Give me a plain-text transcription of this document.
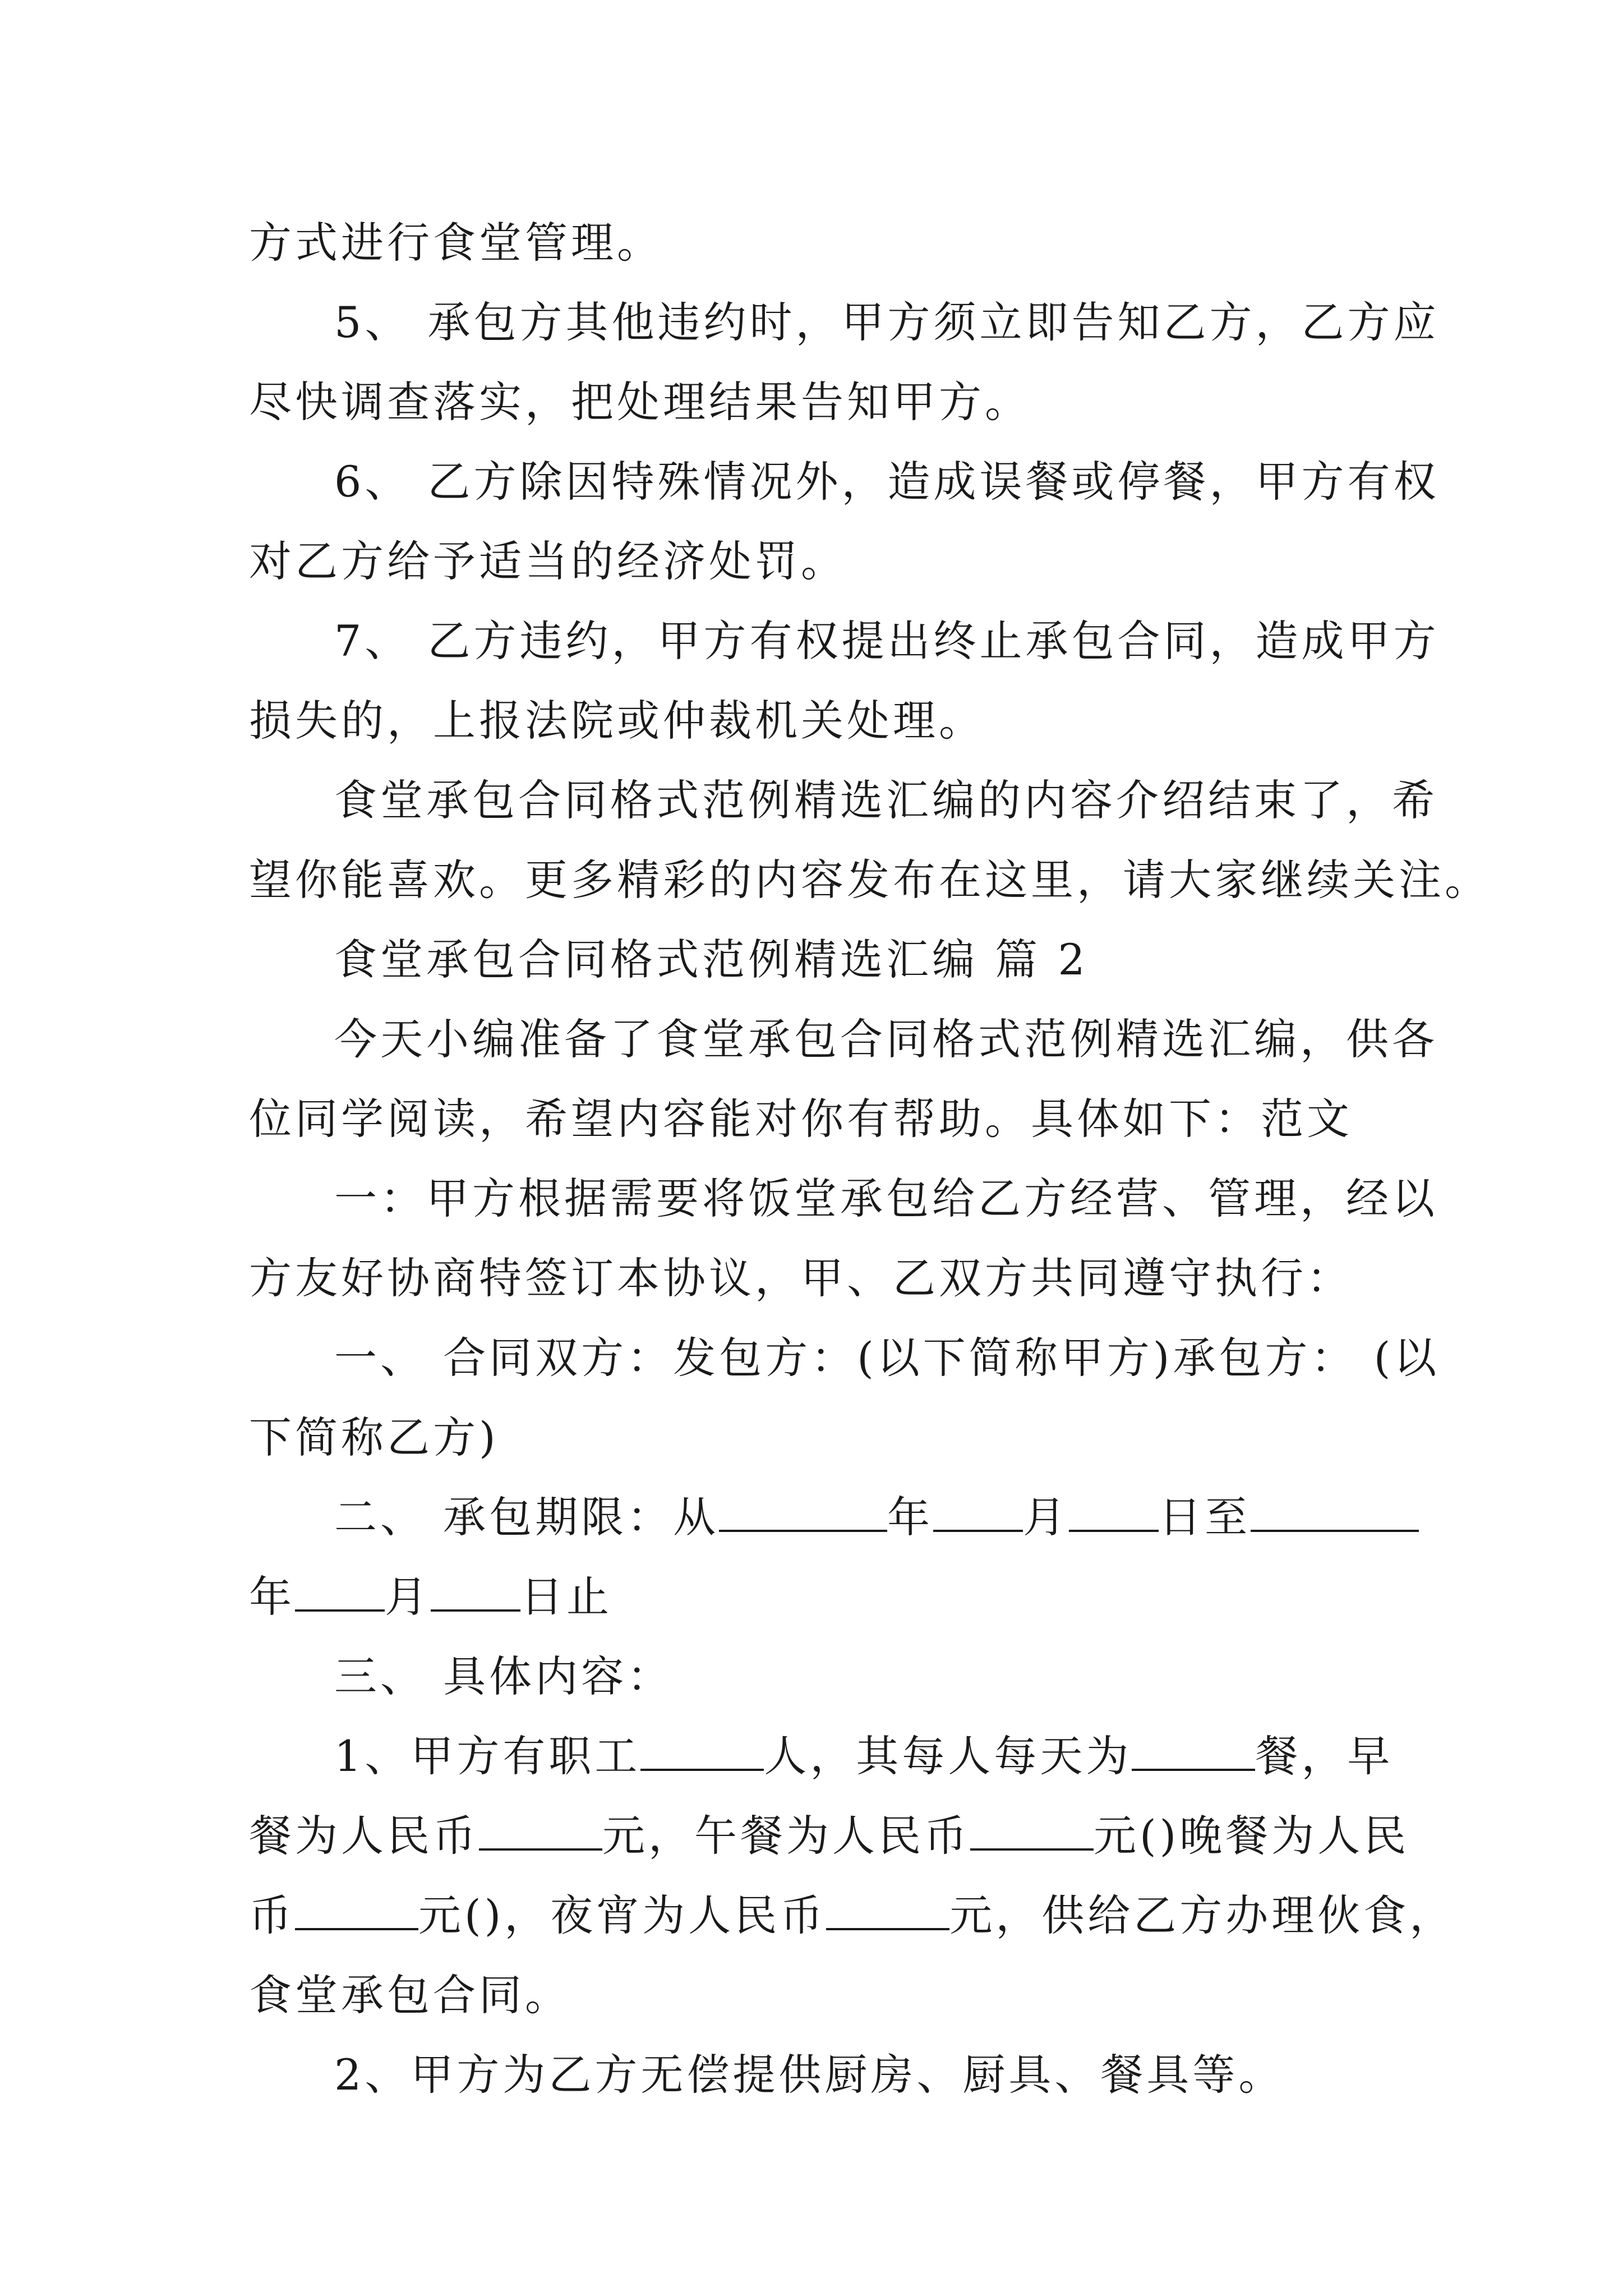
方式进行食堂管理。

5、 承包方其他违约时，甲方须立即告知乙方，乙方应

尽快调查落实，把处理结果告知甲方。

6、 乙方除因特殊情况外，造成误餐或停餐，甲方有权

对乙方给予适当的经济处罚。

7、 乙方违约，甲方有权提出终止承包合同，造成甲方

损失的，上报法院或仲裁机关处理。

食堂承包合同格式范例精选汇编的内容介绍结束了，希

望你能喜欢。更多精彩的内容发布在这里，请大家继续关注。

食堂承包合同格式范例精选汇编 篇 2

今天小编准备了食堂承包合同格式范例精选汇编，供各

位同学阅读，希望内容能对你有帮助。具体如下：范文

一：甲方根据需要将饭堂承包给乙方经营、管理，经以

方友好协商特签订本协议，甲、乙双方共同遵守执行：

一、 合同双方：发包方：(以下简称甲方)承包方： (以

下简称乙方)

二、 承包期限：从	年 月 日至

年 月 日止

三、 具体内容：

1、甲方有职工	人，其每人每天为	餐，早

餐为人民币	元，午餐为人民币	元()晚餐为人民

币	元()，夜宵为人民币	元，供给乙方办理伙食，

食堂承包合同。

2、甲方为乙方无偿提供厨房、厨具、餐具等。
